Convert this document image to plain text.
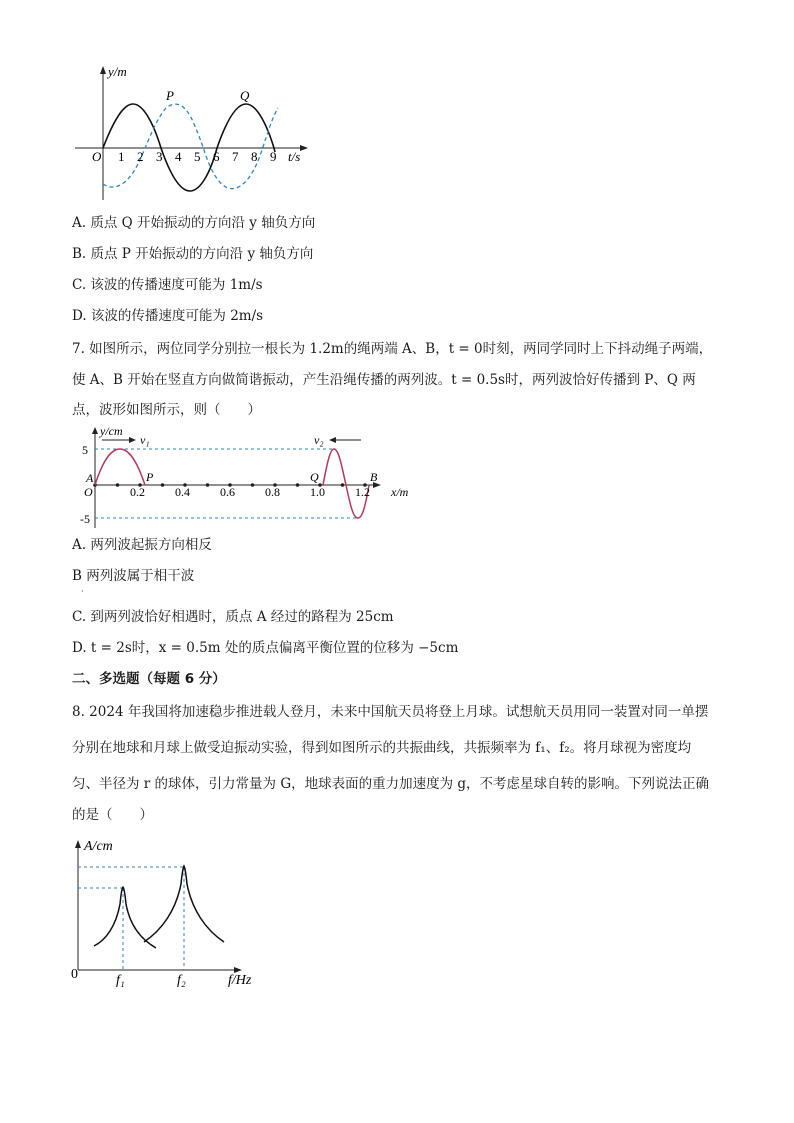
y/m
O	t/s
P	Q
1 2 3 4 5 6 7 8 9
A. 质点 Q 开始振动的方向沿 y 轴负方向
B. 质点 P 开始振动的方向沿 y 轴负方向
C. 该波的传播速度可能为 1m/s
D. 该波的传播速度可能为 2m/s
7. 如图所示，两位同学分别拉一根长为 1.2m的绳两端 A、B，t = 0时刻，两同学同时上下抖动绳子两端，
使 A、B 开始在竖直方向做简谐振动，产生沿绳传播的两列波。t = 0.5s时，两列波恰好传播到 P、Q 两
点，波形如图所示，则（　　）
v₁	v₂
y/cm
5
-5
A
O
P	Q	B
0.2	0.4	0.6	0.8	1.0	1.2 x/m
A. 两列波起振方向相反
B 两列波属于相干波
·
C. 到两列波恰好相遇时，质点 A 经过的路程为 25cm
D. t = 2s时，x = 0.5m 处的质点偏离平衡位置的位移为 −5cm
二、多选题（每题 6 分）
8. 2024 年我国将加速稳步推进载人登月，未来中国航天员将登上月球。试想航天员用同一装置对同一单摆
分别在地球和月球上做受迫振动实验，得到如图所示的共振曲线，共振频率为 f₁、f₂。将月球视为密度均
匀、半径为 r 的球体，引力常量为 G，地球表面的重力加速度为 g，不考虑星球自转的影响。下列说法正确
的是（　　）
A/cm
0	f₁	f₂	f/Hz
